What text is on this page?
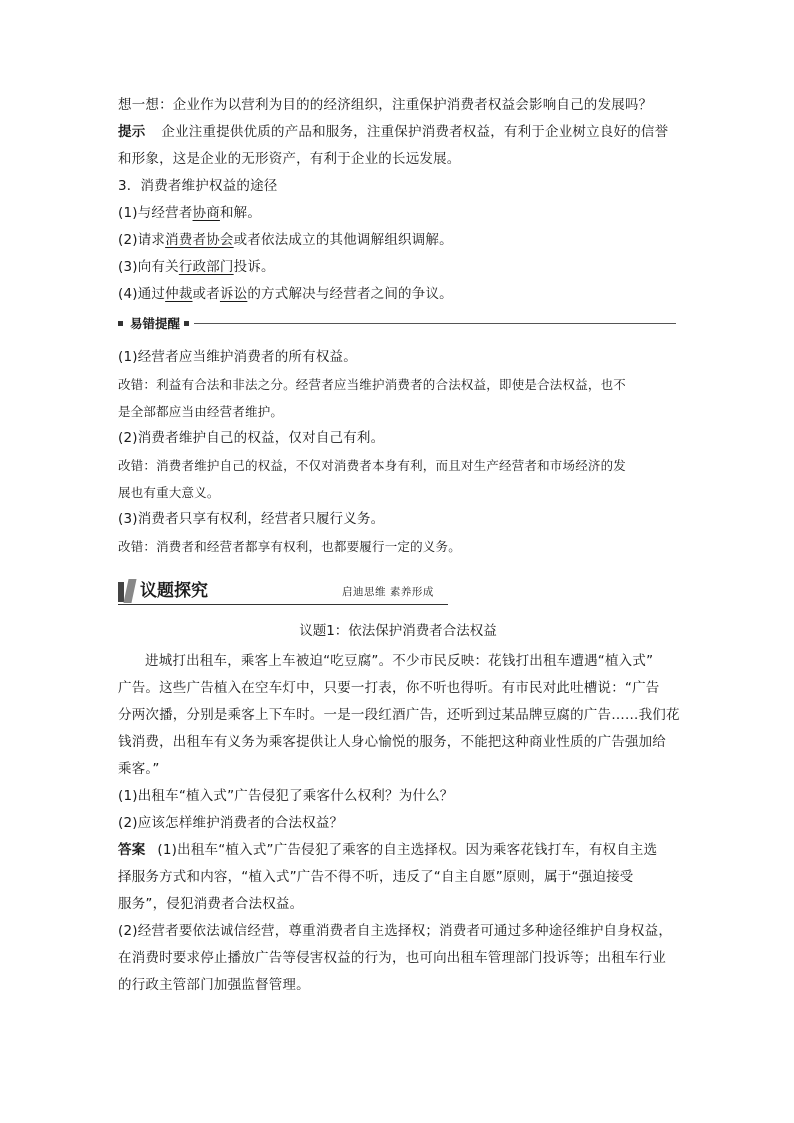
想一想：企业作为以营利为目的的经济组织，注重保护消费者权益会影响自己的发展吗？
提示 企业注重提供优质的产品和服务，注重保护消费者权益，有利于企业树立良好的信誉
和形象，这是企业的无形资产，有利于企业的长远发展。
3．消费者维护权益的途径
(1)与经营者协商和解。
(2)请求消费者协会或者依法成立的其他调解组织调解。
(3)向有关行政部门投诉。
(4)通过仲裁或者诉讼的方式解决与经营者之间的争议。
易错提醒
(1)经营者应当维护消费者的所有权益。
改错：利益有合法和非法之分。经营者应当维护消费者的合法权益，即使是合法权益，也不
是全部都应当由经营者维护。
(2)消费者维护自己的权益，仅对自己有利。
改错：消费者维护自己的权益，不仅对消费者本身有利，而且对生产经营者和市场经济的发
展也有重大意义。
(3)消费者只享有权利，经营者只履行义务。
改错：消费者和经营者都享有权利，也都要履行一定的义务。
议题探究	启迪思维 素养形成
议题1：依法保护消费者合法权益
进城打出租车，乘客上车被迫“吃豆腐”。不少市民反映：花钱打出租车遭遇“植入式”
广告。这些广告植入在空车灯中，只要一打表，你不听也得听。有市民对此吐槽说：“广告
分两次播，分别是乘客上下车时。一是一段红酒广告，还听到过某品牌豆腐的广告……我们花
钱消费，出租车有义务为乘客提供让人身心愉悦的服务，不能把这种商业性质的广告强加给
乘客。”
(1)出租车“植入式”广告侵犯了乘客什么权利？为什么？
(2)应该怎样维护消费者的合法权益？
答案 (1)出租车“植入式”广告侵犯了乘客的自主选择权。因为乘客花钱打车，有权自主选
择服务方式和内容，“植入式”广告不得不听，违反了“自主自愿”原则，属于“强迫接受
服务”，侵犯消费者合法权益。
(2)经营者要依法诚信经营，尊重消费者自主选择权；消费者可通过多种途径维护自身权益，
在消费时要求停止播放广告等侵害权益的行为，也可向出租车管理部门投诉等；出租车行业
的行政主管部门加强监督管理。
